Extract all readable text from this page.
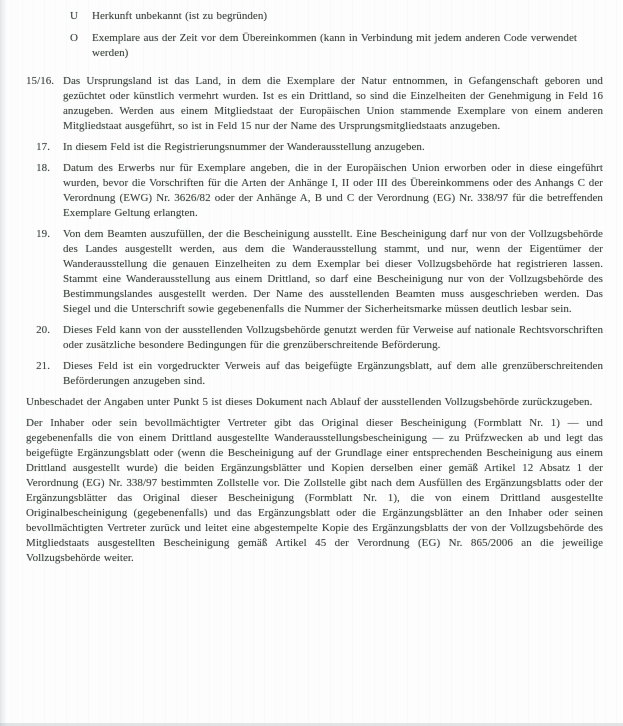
U Herkunft unbekannt (ist zu begründen)
O Exemplare aus der Zeit vor dem Übereinkommen (kann in Verbindung mit jedem anderen Code verwendet werden)
15/16. Das Ursprungsland ist das Land, in dem die Exemplare der Natur entnommen, in Gefangenschaft geboren und gezüchtet oder künstlich vermehrt wurden. Ist es ein Drittland, so sind die Einzelheiten der Genehmigung in Feld 16 anzugeben. Werden aus einem Mitgliedstaat der Europäischen Union stammende Exemplare von einem anderen Mitgliedstaat ausgeführt, so ist in Feld 15 nur der Name des Ursprungsmitgliedstaats anzugeben.
17. In diesem Feld ist die Registrierungsnummer der Wanderausstellung anzugeben.
18. Datum des Erwerbs nur für Exemplare angeben, die in der Europäischen Union erworben oder in diese eingeführt wurden, bevor die Vorschriften für die Arten der Anhänge I, II oder III des Übereinkommens oder des Anhangs C der Verordnung (EWG) Nr. 3626/82 oder der Anhänge A, B und C der Verordnung (EG) Nr. 338/97 für die betreffenden Exemplare Geltung erlangten.
19. Von dem Beamten auszufüllen, der die Bescheinigung ausstellt. Eine Bescheinigung darf nur von der Vollzugsbehörde des Landes ausgestellt werden, aus dem die Wanderausstellung stammt, und nur, wenn der Eigentümer der Wanderausstellung die genauen Einzelheiten zu dem Exemplar bei dieser Vollzugsbehörde hat registrieren lassen. Stammt eine Wanderausstellung aus einem Drittland, so darf eine Bescheinigung nur von der Vollzugsbehörde des Bestimmungslandes ausgestellt werden. Der Name des ausstellenden Beamten muss ausgeschrieben werden. Das Siegel und die Unterschrift sowie gegebenenfalls die Nummer der Sicherheitsmarke müssen deutlich lesbar sein.
20. Dieses Feld kann von der ausstellenden Vollzugsbehörde genutzt werden für Verweise auf nationale Rechtsvorschriften oder zusätzliche besondere Bedingungen für die grenzüberschreitende Beförderung.
21. Dieses Feld ist ein vorgedruckter Verweis auf das beigefügte Ergänzungsblatt, auf dem alle grenzüberschreitenden Beförderungen anzugeben sind.

Unbeschadet der Angaben unter Punkt 5 ist dieses Dokument nach Ablauf der ausstellenden Vollzugsbehörde zurückzugeben.

Der Inhaber oder sein bevollmächtigter Vertreter gibt das Original dieser Bescheinigung (Formblatt Nr. 1) — und gegebenenfalls die von einem Drittland ausgestellte Wanderausstellungsbescheinigung — zu Prüfzwecken ab und legt das beigefügte Ergänzungsblatt oder (wenn die Bescheinigung auf der Grundlage einer entsprechenden Bescheinigung aus einem Drittland ausgestellt wurde) die beiden Ergänzungsblätter und Kopien derselben einer gemäß Artikel 12 Absatz 1 der Verordnung (EG) Nr. 338/97 bestimmten Zollstelle vor. Die Zollstelle gibt nach dem Ausfüllen des Ergänzungsblatts oder der Ergänzungsblätter das Original dieser Bescheinigung (Formblatt Nr. 1), die von einem Drittland ausgestellte Originalbescheinigung (gegebenenfalls) und das Ergänzungsblatt oder die Ergänzungsblätter an den Inhaber oder seinen bevollmächtigten Vertreter zurück und leitet eine abgestempelte Kopie des Ergänzungsblatts der von der Vollzugsbehörde des Mitgliedstaats ausgestellten Bescheinigung gemäß Artikel 45 der Verordnung (EG) Nr. 865/2006 an die jeweilige Vollzugsbehörde weiter.
